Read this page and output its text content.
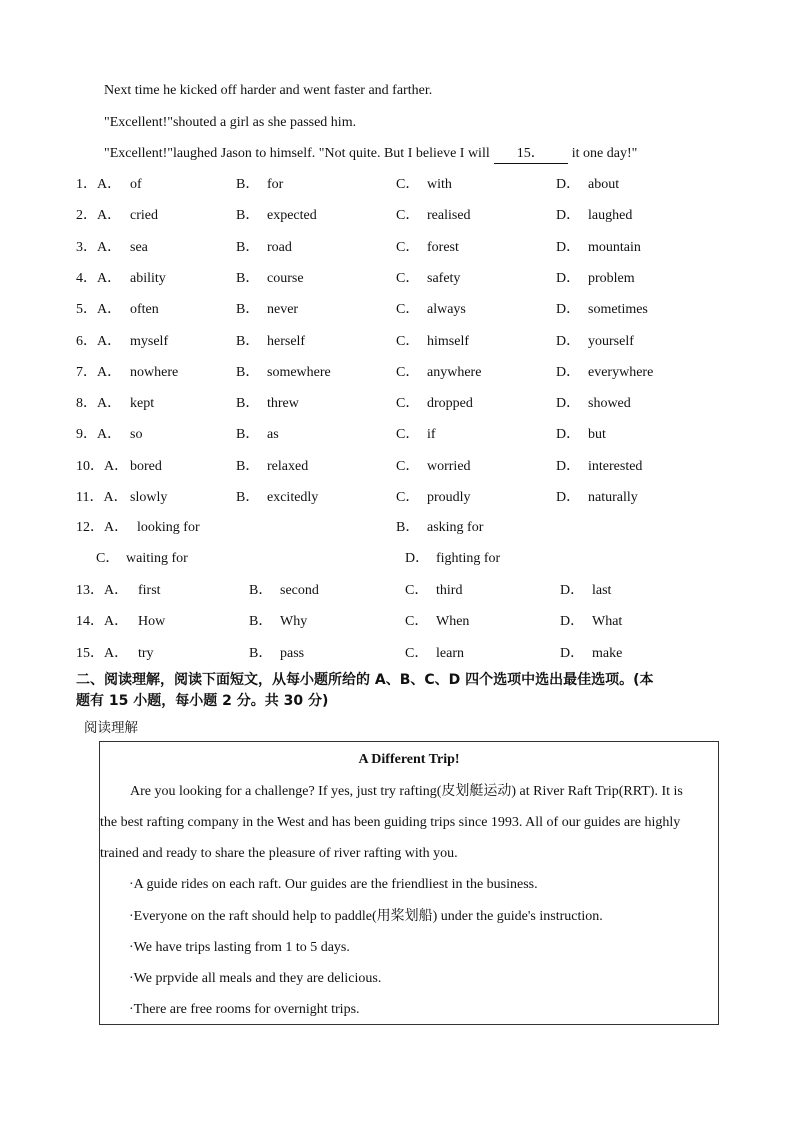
Next time he kicked off harder and went faster and farther.
"Excellent!"shouted a girl as she passed him.
"Excellent!"laughed Jason to himself. "Not quite. But I believe I will 15． it one day!"
1．A． of	B． for	C． with	D． about
2．A． cried	B． expected	C． realised	D． laughed
3．A． sea	B． road	C． forest	D． mountain
4．A． ability	B． course	C． safety	D． problem
5．A． often	B． never	C． always	D． sometimes
6．A． myself	B． herself	C． himself	D． yourself
7．A． nowhere	B． somewhere	C． anywhere	D． everywhere
8．A． kept	B． threw	C． dropped	D． showed
9．A． so	B． as	C． if	D． but
10．A． bored	B． relaxed	C． worried	D． interested
11．A． slowly	B． excitedly	C． proudly	D． naturally
12．A． looking for	B． asking for
C． waiting for	D． fighting for
13．A． first	B． second	C． third	D． last
14．A． How	B． Why	C． When	D． What
15．A． try	B． pass	C． learn	D． make
二、阅读理解，阅读下面短文，从每小题所给的 A、B、C、D 四个选项中选出最佳选项。(本
题有 15 小题，每小题 2 分。共 30 分)
阅读理解
A Different Trip!
Are you looking for a challenge? If yes, just try rafting(皮划艇运动) at River Raft Trip(RRT). It is
the best rafting company in the West and has been guiding trips since 1993. All of our guides are highly
trained and ready to share the pleasure of river rafting with you.
·A guide rides on each raft. Our guides are the friendliest in the business.
·Everyone on the raft should help to paddle(用桨划船) under the guide's instruction.
·We have trips lasting from 1 to 5 days.
·We prpvide all meals and they are delicious.
·There are free rooms for overnight trips.
